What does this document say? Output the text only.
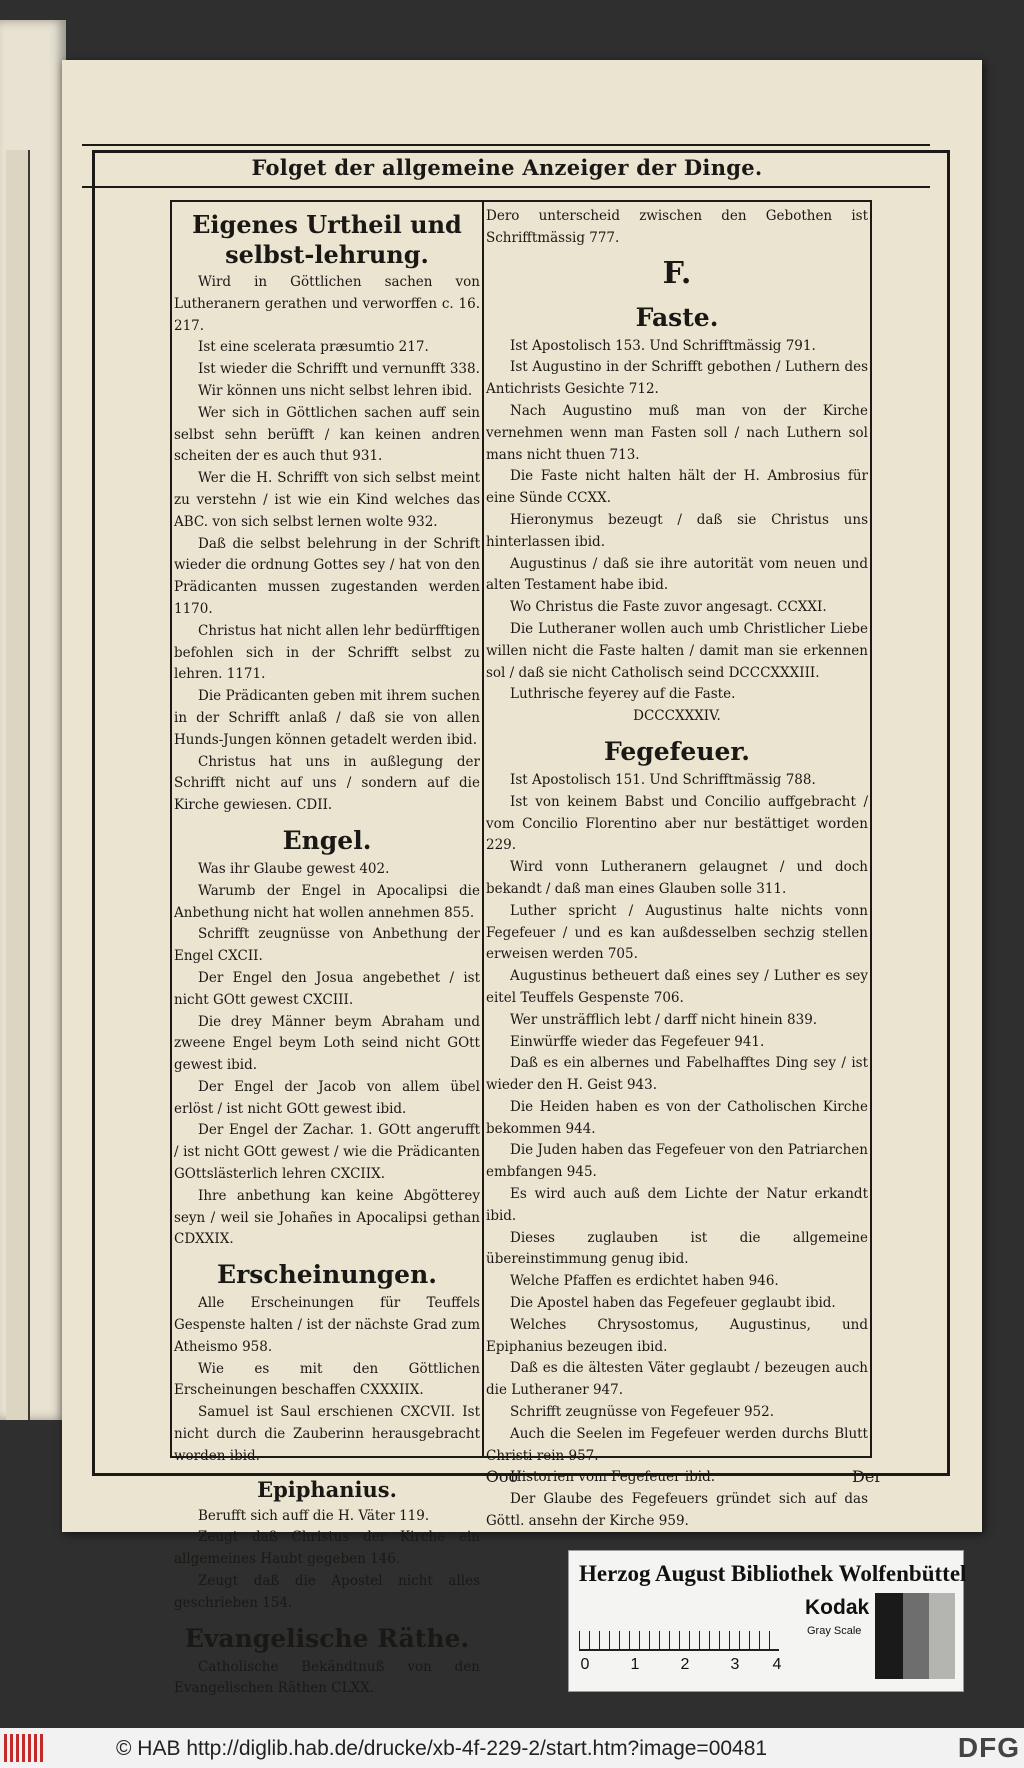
Folget der allgemeine Anzeiger der Dinge.
Eigenes Urtheil und selbst-lehrung.

Wird in Göttlichen sachen von Lutheranern gerathen und verworffen c. 16. 217.

Ist eine scelerata præsumtio 217.

Ist wieder die Schrifft und vernunfft 338.

Wir können uns nicht selbst lehren ibid.

Wer sich in Göttlichen sachen auff sein selbst sehn berüfft / kan keinen andren scheiten der es auch thut 931.

Wer die H. Schrifft von sich selbst meint zu verstehn / ist wie ein Kind welches das ABC. von sich selbst lernen wolte 932.

Daß die selbst belehrung in der Schrift wieder die ordnung Gottes sey / hat von den Prädicanten mussen zugestanden werden 1170.

Christus hat nicht allen lehr bedürfftigen befohlen sich in der Schrifft selbst zu lehren. 1171.

Die Prädicanten geben mit ihrem suchen in der Schrifft anlaß / daß sie von allen Hunds-Jungen können getadelt werden ibid.

Christus hat uns in außlegung der Schrifft nicht auf uns / sondern auf die Kirche gewiesen. CDII.

Engel.

Was ihr Glaube gewest 402.

Warumb der Engel in Apocalipsi die Anbethung nicht hat wollen annehmen 855.

Schrifft zeugnüsse von Anbethung der Engel CXCII.

Der Engel den Josua angebethet / ist nicht GOtt gewest CXCIII.

Die drey Männer beym Abraham und zweene Engel beym Loth seind nicht GOtt gewest ibid.

Der Engel der Jacob von allem übel erlöst / ist nicht GOtt gewest ibid.

Der Engel der Zachar. 1. GOtt angerufft / ist nicht GOtt gewest / wie die Prädicanten GOttslästerlich lehren CXCIIX.

Ihre anbethung kan keine Abgötterey seyn / weil sie Johañes in Apocalipsi gethan CDXXIX.

Erscheinungen.

Alle Erscheinungen für Teuffels Gespenste halten / ist der nächste Grad zum Atheismo 958.

Wie es mit den Göttlichen Erscheinungen beschaffen CXXXIIX.

Samuel ist Saul erschienen CXCVII. Ist nicht durch die Zauberinn herausgebracht worden ibid.

Epiphanius.

Berufft sich auff die H. Väter 119.

Zeugt daß Christus der Kirche ein allgemeines Haubt gegeben 146.

Zeugt daß die Apostel nicht alles geschrieben 154.

Evangelische Räthe.

Catholische Bekändtnuß von den Evangelischen Räthen CLXX.

Dero unterscheid zwischen den Gebothen ist Schrifftmässig 777.

F.
Faste.

Ist Apostolisch 153. Und Schrifftmässig 791.

Ist Augustino in der Schrifft gebothen / Luthern des Antichrists Gesichte 712.

Nach Augustino muß man von der Kirche vernehmen wenn man Fasten soll / nach Luthern sol mans nicht thuen 713.

Die Faste nicht halten hält der H. Ambrosius für eine Sünde CCXX.

Hieronymus bezeugt / daß sie Christus uns hinterlassen ibid.

Augustinus / daß sie ihre autorität vom neuen und alten Testament habe ibid.

Wo Christus die Faste zuvor angesagt. CCXXI.

Die Lutheraner wollen auch umb Christlicher Liebe willen nicht die Faste halten / damit man sie erkennen sol / daß sie nicht Catholisch seind DCCCXXXIII.

Luthrische feyerey auf die Faste.

DCCCXXXIV.

Fegefeuer.

Ist Apostolisch 151. Und Schrifftmässig 788.

Ist von keinem Babst und Concilio auffgebracht / vom Concilio Florentino aber nur bestättiget worden 229.

Wird vonn Lutheranern gelaugnet / und doch bekandt / daß man eines Glauben solle 311.

Luther spricht / Augustinus halte nichts vonn Fegefeuer / und es kan außdesselben sechzig stellen erweisen werden 705.

Augustinus betheuert daß eines sey / Luther es sey eitel Teuffels Gespenste 706.

Wer unsträfflich lebt / darff nicht hinein 839.

Einwürffe wieder das Fegefeuer 941.

Daß es ein albernes und Fabelhafftes Ding sey / ist wieder den H. Geist 943.

Die Heiden haben es von der Catholischen Kirche bekommen 944.

Die Juden haben das Fegefeuer von den Patriarchen embfangen 945.

Es wird auch auß dem Lichte der Natur erkandt ibid.

Dieses zuglauben ist die allgemeine übereinstimmung genug ibid.

Welche Pfaffen es erdichtet haben 946.

Die Apostel haben das Fegefeuer geglaubt ibid.

Welches Chrysostomus, Augustinus, und Epiphanius bezeugen ibid.

Daß es die ältesten Väter geglaubt / bezeugen auch die Lutheraner 947.

Schrifft zeugnüsse von Fegefeuer 952.

Auch die Seelen im Fegefeuer werden durchs Blutt Christi rein 957.

Historien vom Fegefeuer ibid.

Der Glaube des Fegefeuers gründet sich auf das Göttl. ansehn der Kirche 959.

Ooo	Der
Herzog August Bibliothek Wolfenbüttel
0	1	2	3 4
Kodak
Gray Scale
© HAB http://diglib.hab.de/drucke/xb-4f-229-2/start.htm?image=00481	DFG
